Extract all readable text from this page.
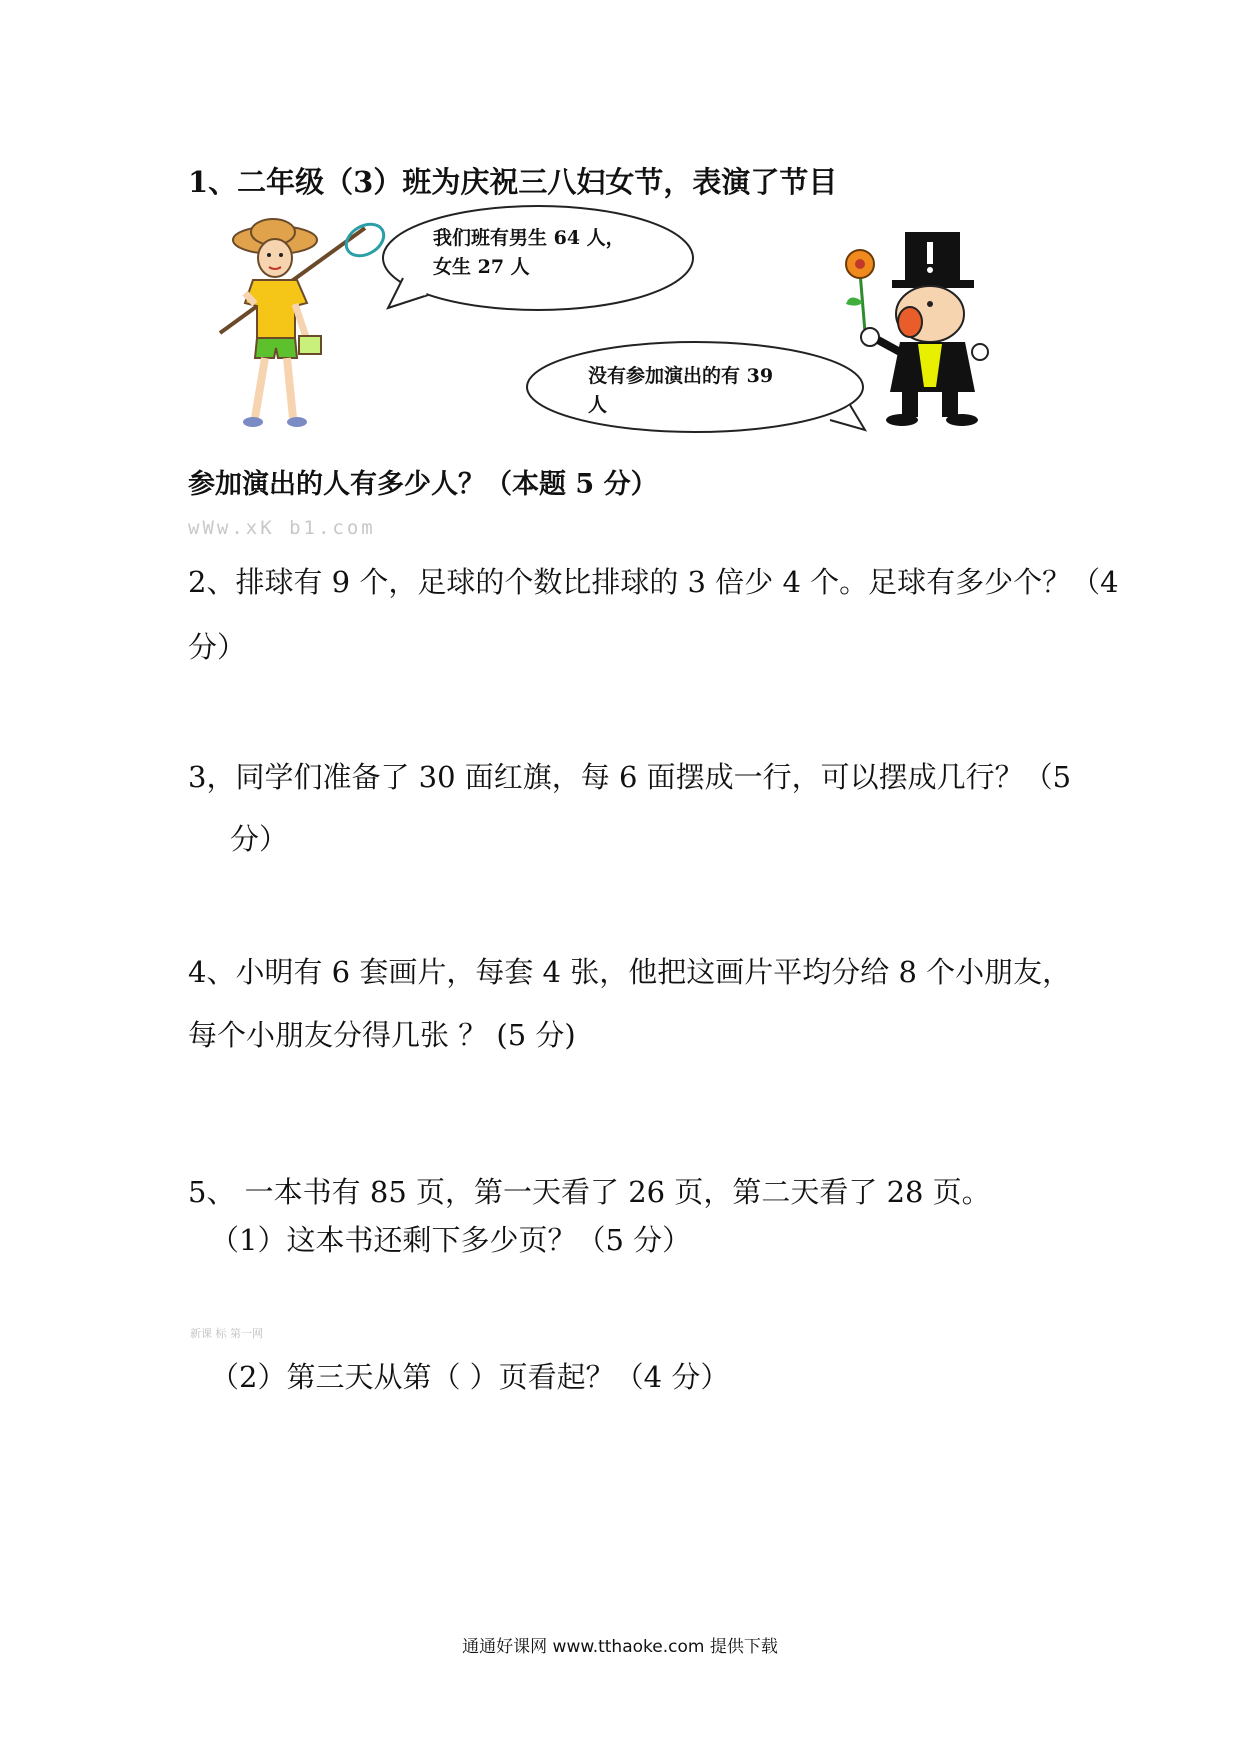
1、二年级（3）班为庆祝三八妇女节，表演了节目
我们班有男生 64 人，
女生 27 人
没有参加演出的有 39
人
参加演出的人有多少人？（本题 5 分）
wWw.xK b1.com
2、排球有 9 个，足球的个数比排球的 3 倍少 4 个。足球有多少个？（4
分）
3，同学们准备了 30 面红旗，每 6 面摆成一行，可以摆成几行？（5
分）
4、小明有 6 套画片，每套 4 张，他把这画片平均分给 8 个小朋友，
每个小朋友分得几张 ？ (5 分)
5、 一本书有 85 页，第一天看了 26 页，第二天看了 28 页。
（1）这本书还剩下多少页？（5 分）
新课 标 第一网
（2）第三天从第（ ）页看起？（4 分）
通通好课网 www.tthaoke.com 提供下载
